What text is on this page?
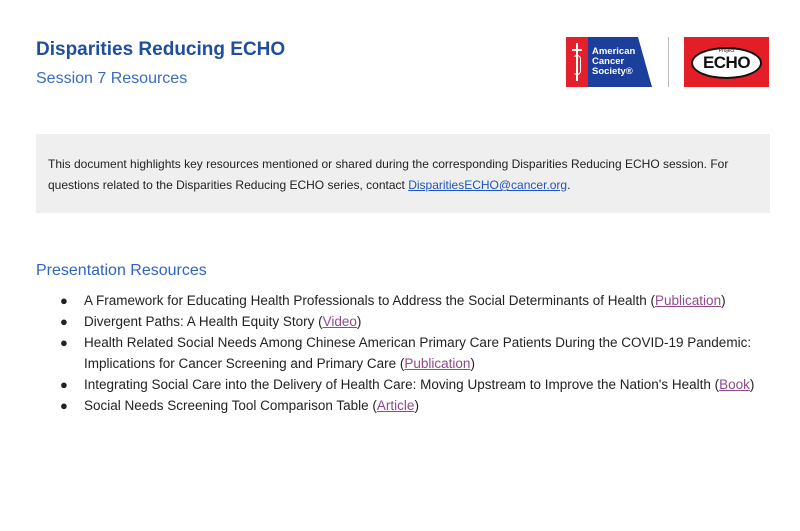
Disparities Reducing ECHO
Session 7 Resources
American
Cancer
Society®
Project
ECHO

This document highlights key resources mentioned or shared during the corresponding Disparities Reducing ECHO session. For questions related to the Disparities Reducing ECHO series, contact DisparitiesECHO@cancer.org.

Presentation Resources
● A Framework for Educating Health Professionals to Address the Social Determinants of Health (Publication)
● Divergent Paths: A Health Equity Story (Video)
● Health Related Social Needs Among Chinese American Primary Care Patients During the COVID-19 Pandemic: Implications for Cancer Screening and Primary Care (Publication)
● Integrating Social Care into the Delivery of Health Care: Moving Upstream to Improve the Nation's Health (Book)
● Social Needs Screening Tool Comparison Table (Article)
